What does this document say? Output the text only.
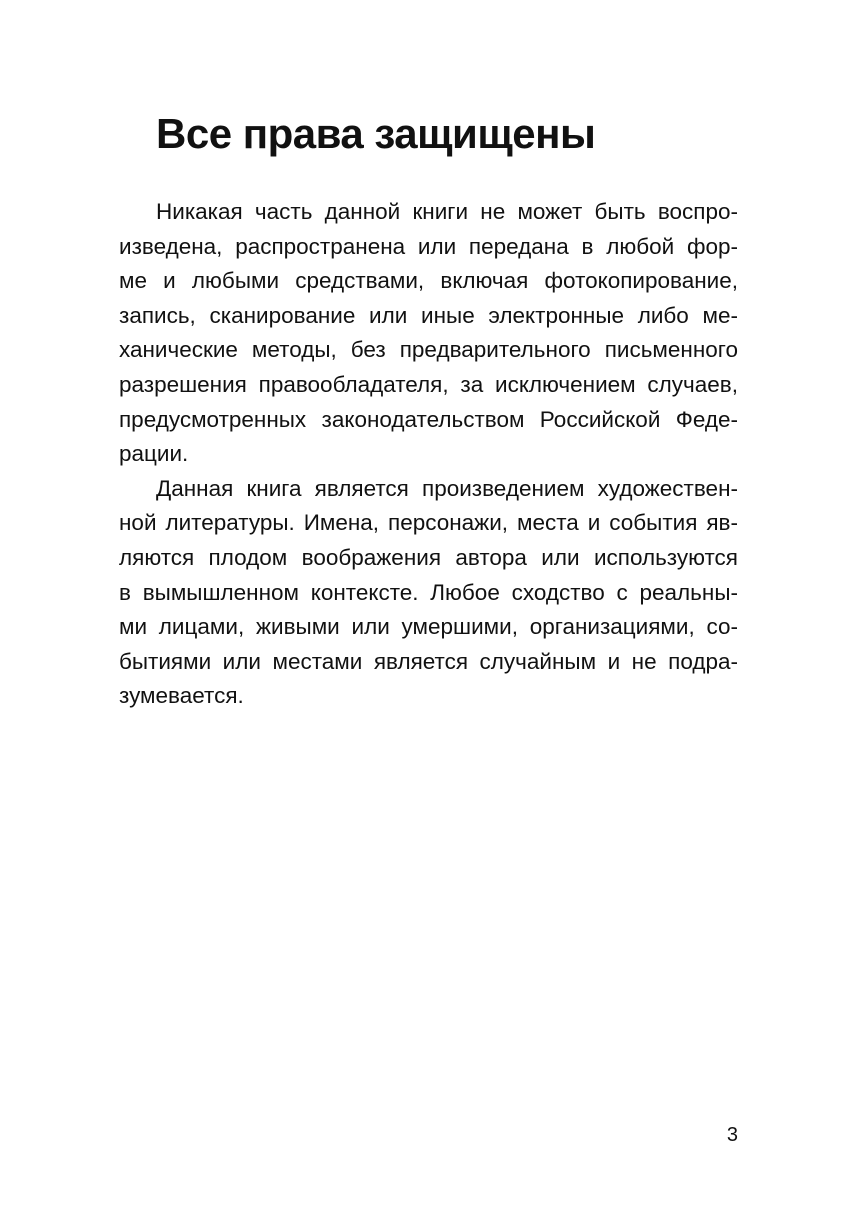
Все права защищены
Никакая часть данной книги не может быть воспро-
изведена, распространена или передана в любой фор-
ме и любыми средствами, включая фотокопирование,
запись, сканирование или иные электронные либо ме-
ханические методы, без предварительного письменного
разрешения правообладателя, за исключением случаев,
предусмотренных законодательством Российской Феде-
рации.
Данная книга является произведением художествен-
ной литературы. Имена, персонажи, места и события яв-
ляются плодом воображения автора или используются
в вымышленном контексте. Любое сходство с реальны-
ми лицами, живыми или умершими, организациями, со-
бытиями или местами является случайным и не подра-
зумевается.
3
